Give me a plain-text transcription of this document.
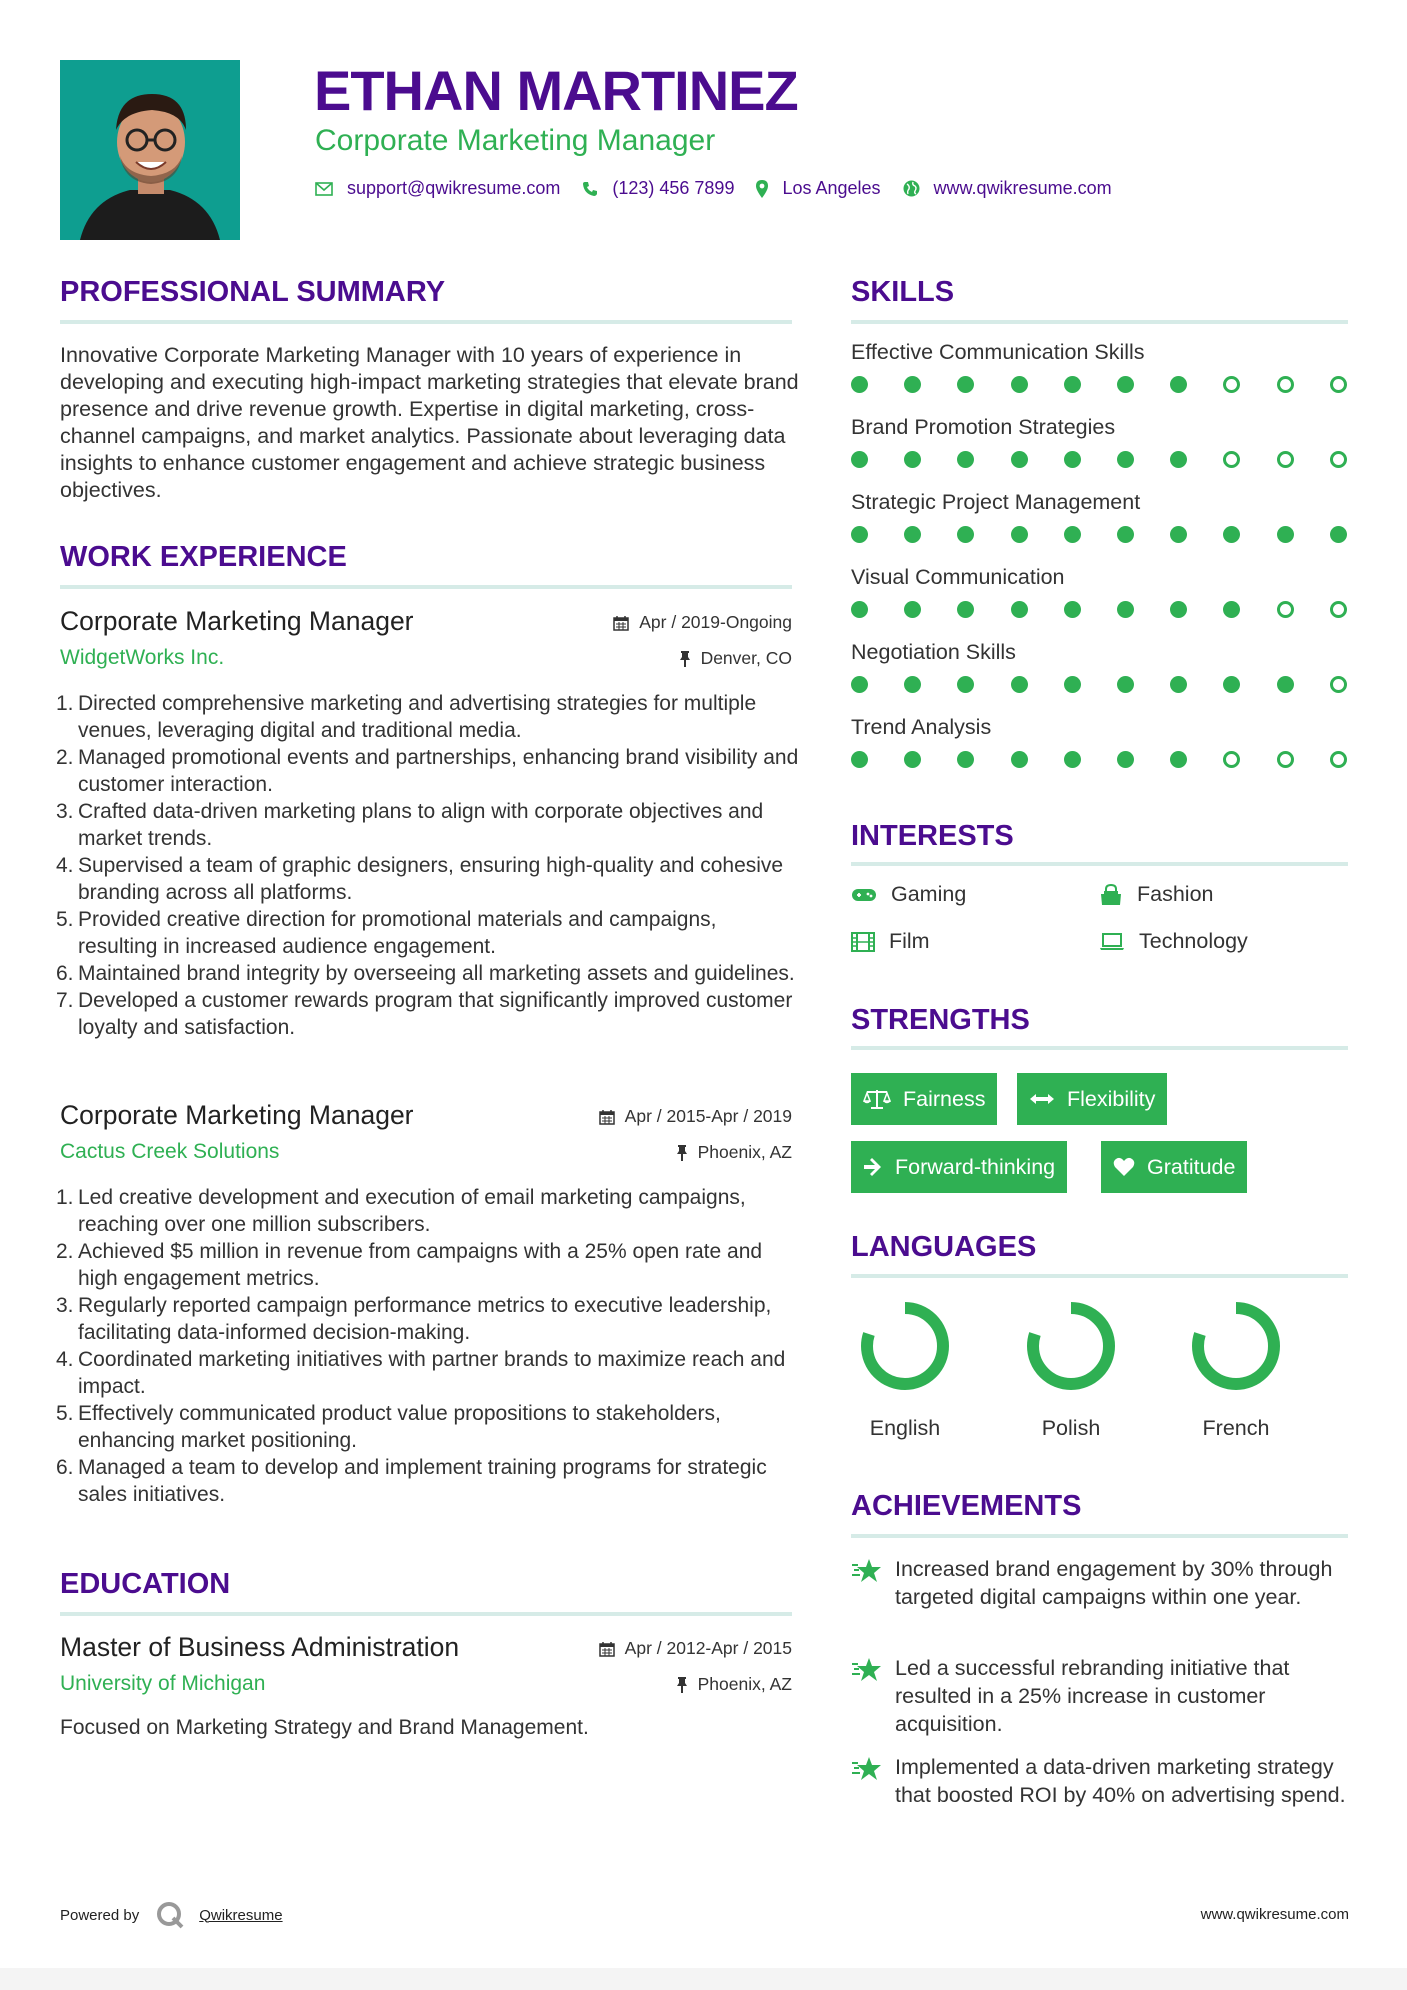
ETHAN MARTINEZ
Corporate Marketing Manager
support@qwikresume.com	(123) 456 7899	Los Angeles	www.qwikresume.com
PROFESSIONAL SUMMARY
Innovative Corporate Marketing Manager with 10 years of experience in developing and executing high-impact marketing strategies that elevate brand presence and drive revenue growth. Expertise in digital marketing, cross-channel campaigns, and market analytics. Passionate about leveraging data insights to enhance customer engagement and achieve strategic business objectives.
WORK EXPERIENCE
Corporate Marketing Manager	Apr / 2019-Ongoing
WidgetWorks Inc.	Denver, CO
1. Directed comprehensive marketing and advertising strategies for multiple venues, leveraging digital and traditional media.
2. Managed promotional events and partnerships, enhancing brand visibility and customer interaction.
3. Crafted data-driven marketing plans to align with corporate objectives and market trends.
4. Supervised a team of graphic designers, ensuring high-quality and cohesive branding across all platforms.
5. Provided creative direction for promotional materials and campaigns, resulting in increased audience engagement.
6. Maintained brand integrity by overseeing all marketing assets and guidelines.
7. Developed a customer rewards program that significantly improved customer loyalty and satisfaction.
Corporate Marketing Manager	Apr / 2015-Apr / 2019
Cactus Creek Solutions	Phoenix, AZ
1. Led creative development and execution of email marketing campaigns, reaching over one million subscribers.
2. Achieved $5 million in revenue from campaigns with a 25% open rate and high engagement metrics.
3. Regularly reported campaign performance metrics to executive leadership, facilitating data-informed decision-making.
4. Coordinated marketing initiatives with partner brands to maximize reach and impact.
5. Effectively communicated product value propositions to stakeholders, enhancing market positioning.
6. Managed a team to develop and implement training programs for strategic sales initiatives.
EDUCATION
Master of Business Administration	Apr / 2012-Apr / 2015
University of Michigan	Phoenix, AZ
Focused on Marketing Strategy and Brand Management.
SKILLS
Effective Communication Skills
Brand Promotion Strategies
Strategic Project Management
Visual Communication
Negotiation Skills
Trend Analysis
INTERESTS
Gaming	Fashion
Film	Technology
STRENGTHS
Fairness	Flexibility
Forward-thinking	Gratitude
LANGUAGES
English	Polish	French
ACHIEVEMENTS
Increased brand engagement by 30% through targeted digital campaigns within one year.
Led a successful rebranding initiative that resulted in a 25% increase in customer acquisition.
Implemented a data-driven marketing strategy that boosted ROI by 40% on advertising spend.
Powered by	Qwikresume	www.qwikresume.com
